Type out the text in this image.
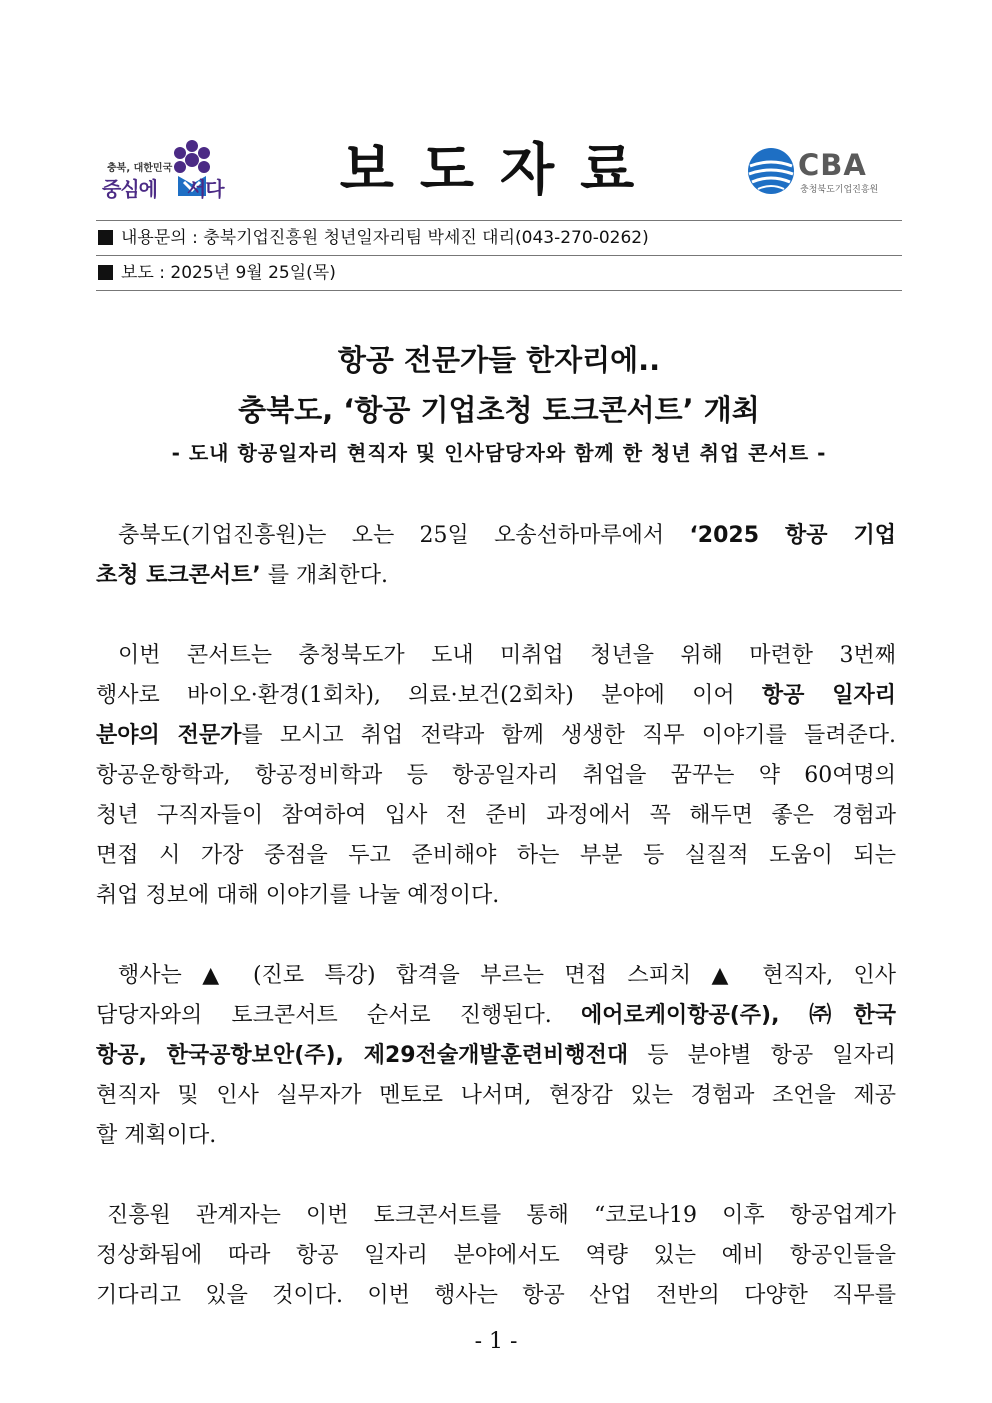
충북, 대한민국
중심에 서다 보도자료	CBA
충청북도기업진흥원
내용문의 : 충북기업진흥원 청년일자리팀 박세진 대리(043-270-0262)
보도 : 2025년 9월 25일(목)
항공 전문가들 한자리에..
충북도, ‘항공 기업초청 토크콘서트’ 개최
- 도내 항공일자리 현직자 및 인사담당자와 함께 한 청년 취업 콘서트 -
 충북도(기업진흥원)는 오는 25일 오송선하마루에서 ‘2025 항공 기업
초청 토크콘서트’ 를 개최한다.
 이번 콘서트는 충청북도가 도내 미취업 청년을 위해 마련한 3번째
행사로 바이오·환경(1회차), 의료·보건(2회차) 분야에 이어 항공 일자리
분야의 전문가를 모시고 취업 전략과 함께 생생한 직무 이야기를 들려준다.
항공운항학과, 항공정비학과 등 항공일자리 취업을 꿈꾸는 약 60여명의
청년 구직자들이 참여하여 입사 전 준비 과정에서 꼭 해두면 좋은 경험과
면접 시 가장 중점을 두고 준비해야 하는 부분 등 실질적 도움이 되는
취업 정보에 대해 이야기를 나눌 예정이다.
 행사는 ▲ (진로 특강) 합격을 부르는 면접 스피치 ▲ 현직자, 인사
담당자와의 토크콘서트 순서로 진행된다. 에어로케이항공(주), ㈜한국
항공, 한국공항보안(주), 제29전술개발훈련비행전대 등 분야별 항공 일자리
현직자 및 인사 실무자가 멘토로 나서며, 현장감 있는 경험과 조언을 제공
할 계획이다.
 진흥원 관계자는 이번 토크콘서트를 통해 “코로나19 이후 항공업계가
정상화됨에 따라 항공 일자리 분야에서도 역량 있는 예비 항공인들을
기다리고 있을 것이다. 이번 행사는 항공 산업 전반의 다양한 직무를
- 1 -
